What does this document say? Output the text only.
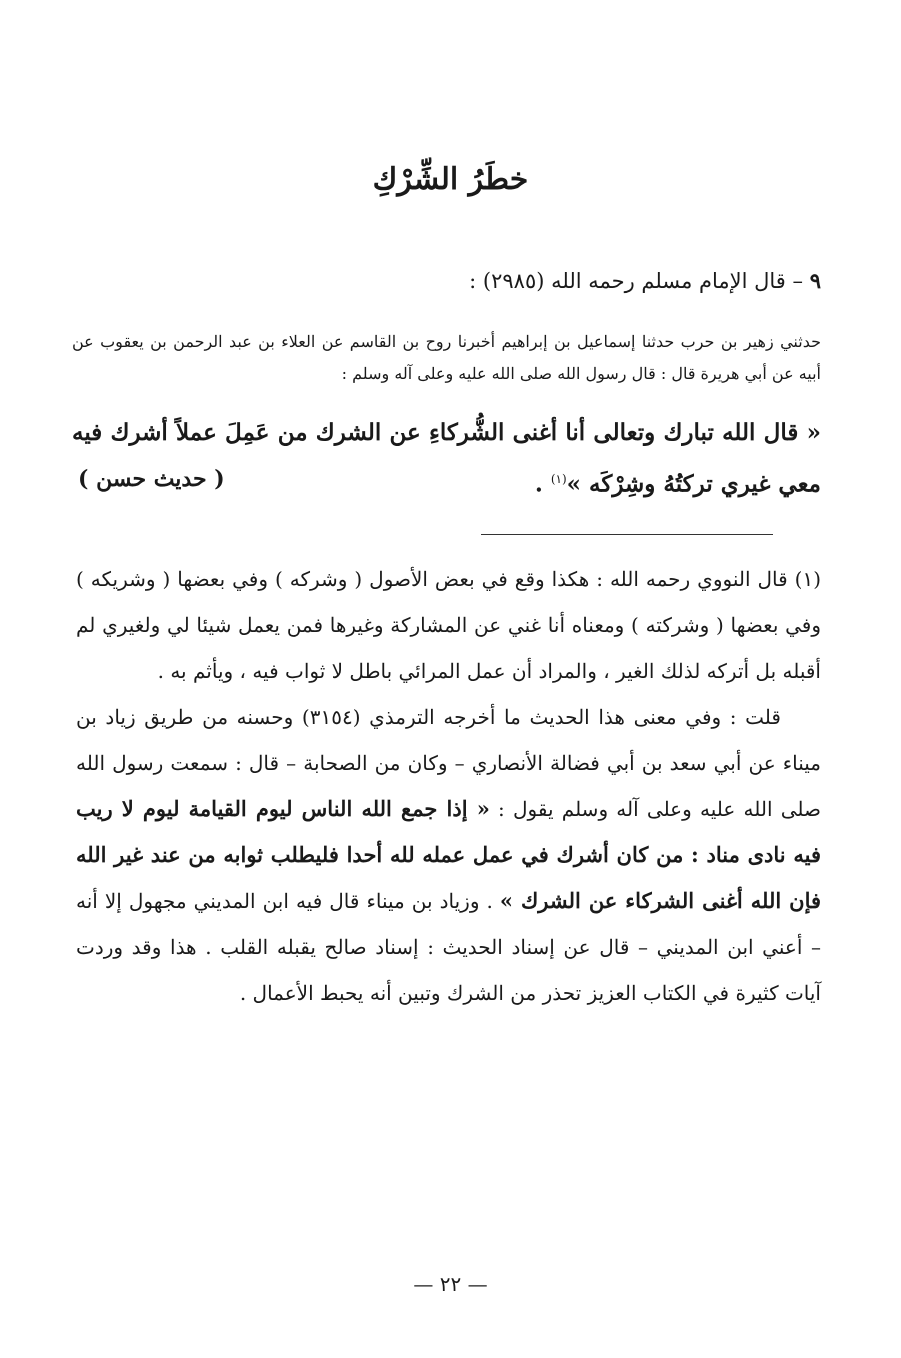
خطَرُ الشِّرْكِ
٩ – قال الإمام مسلم رحمه الله (٢٩٨٥) :
حدثني زهير بن حرب حدثنا إسماعيل بن إبراهيم أخبرنا روح بن القاسم عن العلاء بن عبد الرحمن بن يعقوب عن أبيه عن أبي هريرة قال : قال رسول الله صلى الله عليه وعلى آله وسلم :
« قال الله تبارك وتعالى أنا أغنى الشُّركاءِ عن الشرك من عَمِلَ عملاً أشرك فيه معي غيري تركتُهُ وشِرْكَه »$^{(١)}$ .
( حديث حسن )

(١) قال النووي رحمه الله : هكذا وقع في بعض الأصول ( وشركه ) وفي بعضها ( وشريكه ) وفي بعضها ( وشركته ) ومعناه أنا غني عن المشاركة وغيرها فمن يعمل شيئا لي ولغيري لم أقبله بل أتركه لذلك الغير ، والمراد أن عمل المرائي باطل لا ثواب فيه ، ويأثم به .

قلت : وفي معنى هذا الحديث ما أخرجه الترمذي (٣١٥٤) وحسنه من طريق زياد بن ميناء عن أبي سعد بن أبي فضالة الأنصاري – وكان من الصحابة – قال : سمعت رسول الله صلى الله عليه وعلى آله وسلم يقول : « إذا جمع الله الناس ليوم القيامة ليوم لا ريب فيه نادى مناد : من كان أشرك في عمل عمله لله أحدا فليطلب ثوابه من عند غير الله فإن الله أغنى الشركاء عن الشرك » . وزياد بن ميناء قال فيه ابن المديني مجهول إلا أنه – أعني ابن المديني – قال عن إسناد الحديث : إسناد صالح يقبله القلب . هذا وقد وردت آيات كثيرة في الكتاب العزيز تحذر من الشرك وتبين أنه يحبط الأعمال .

— ٢٢ —
